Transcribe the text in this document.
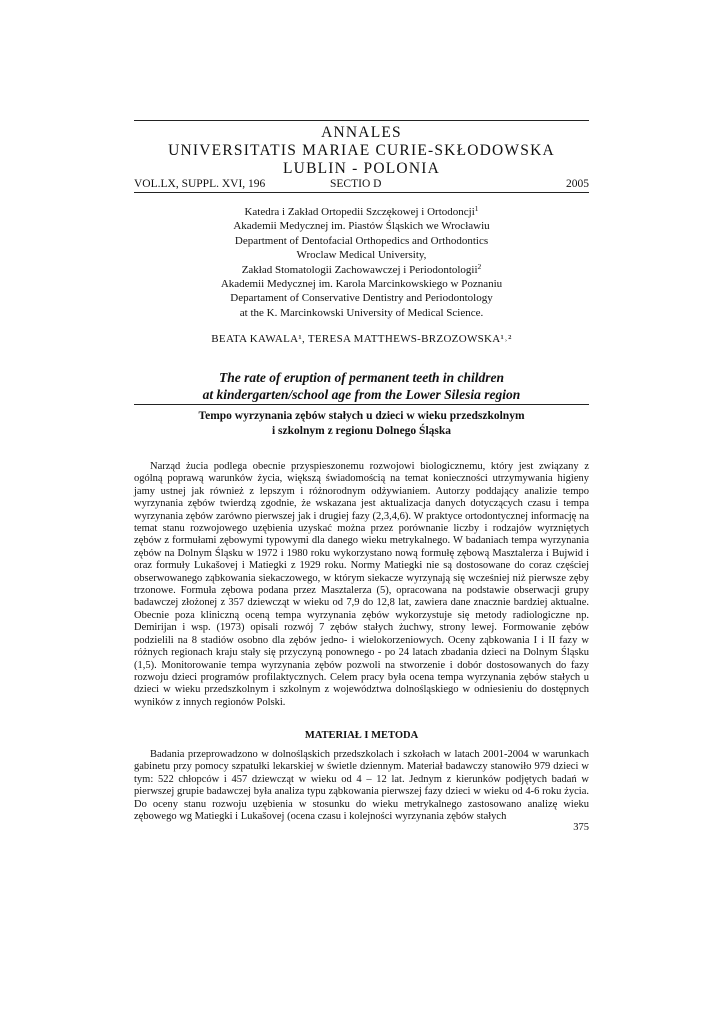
ANNALES
UNIVERSITATIS MARIAE CURIE-SKŁODOWSKA
LUBLIN - POLONIA
VOL.LX, SUPPL. XVI, 196	SECTIO D	2005
Katedra i Zakład Ortopedii Szczękowej i Ortodoncji$^1$
Akademii Medycznej im. Piastów Śląskich we Wrocławiu
Department of Dentofacial Orthopedics and Orthodontics
Wroclaw Medical University,
Zakład Stomatologii Zachowawczej i Periodontologii$^2$
Akademii Medycznej im. Karola Marcinkowskiego w Poznaniu
Departament of Conservative Dentistry and Periodontology
at the K. Marcinkowski University of Medical Science.
BEATA KAWALA¹, TERESA MATTHEWS-BRZOZOWSKA¹˒²
The rate of eruption of permanent teeth in children
at kindergarten/school age from the Lower Silesia region
Tempo wyrzynania zębów stałych u dzieci w wieku przedszkolnym
i szkolnym z regionu Dolnego Śląska

Narząd żucia podlega obecnie przyspieszonemu rozwojowi biologicznemu, który jest związany z ogólną poprawą warunków życia, większą świadomością na temat konieczności utrzymywania higieny jamy ustnej jak również z lepszym i różnorodnym odżywianiem. Autorzy poddający analizie tempo wyrzynania zębów twierdzą zgodnie, że wskazana jest aktualizacja danych dotyczących czasu i tempa wyrzynania zębów zarówno pierwszej jak i drugiej fazy (2,3,4,6). W praktyce ortodontycznej informację na temat stanu rozwojowego uzębienia uzyskać można przez porównanie liczby i rodzajów wyrzniętych zębów z formułami zębowymi typowymi dla danego wieku metrykalnego. W badaniach tempa wyrzynania zębów na Dolnym Śląsku w 1972 i 1980 roku wykorzystano nową formułę zębową Masztalerza i Bujwid i oraz formuły Lukašovej i Matiegki z 1929 roku. Normy Matiegki nie są dostosowane do coraz częściej obserwowanego ząbkowania siekaczowego, w którym siekacze wyrzynają się wcześniej niż pierwsze zęby trzonowe. Formuła zębowa podana przez Masztalerza (5), opracowana na podstawie obserwacji grupy badawczej złożonej z 357 dziewcząt w wieku od 7,9 do 12,8 lat, zawiera dane znacznie bardziej aktualne. Obecnie poza kliniczną oceną tempa wyrzynania zębów wykorzystuje się metody radiologiczne np. Demirijan i wsp. (1973) opisali rozwój 7 zębów stałych żuchwy, strony lewej. Formowanie zębów podzielili na 8 stadiów osobno dla zębów jedno- i wielokorzeniowych. Oceny ząbkowania I i II fazy w różnych regionach kraju stały się przyczyną ponownego - po 24 latach zbadania dzieci na Dolnym Śląsku (1,5). Monitorowanie tempa wyrzynania zębów pozwoli na stworzenie i dobór dostosowanych do fazy rozwoju dzieci programów profilaktycznych. Celem pracy była ocena tempa wyrzynania zębów stałych u dzieci w wieku przedszkolnym i szkolnym z województwa dolnośląskiego w odniesieniu do dostępnych wyników z innych regionów Polski.

MATERIAŁ I METODA

Badania przeprowadzono w dolnośląskich przedszkolach i szkołach w latach 2001-2004 w warunkach gabinetu przy pomocy szpatułki lekarskiej w świetle dziennym. Materiał badawczy stanowiło 979 dzieci w tym: 522 chłopców i 457 dziewcząt w wieku od 4 – 12 lat. Jednym z kierunków podjętych badań w pierwszej grupie badawczej była analiza typu ząbkowania pierwszej fazy dzieci w wieku od 4-6 roku życia. Do oceny stanu rozwoju uzębienia w stosunku do wieku metrykalnego zastosowano analizę wieku zębowego wg Matiegki i Lukašovej (ocena czasu i kolejności wyrzynania zębów stałych

375
